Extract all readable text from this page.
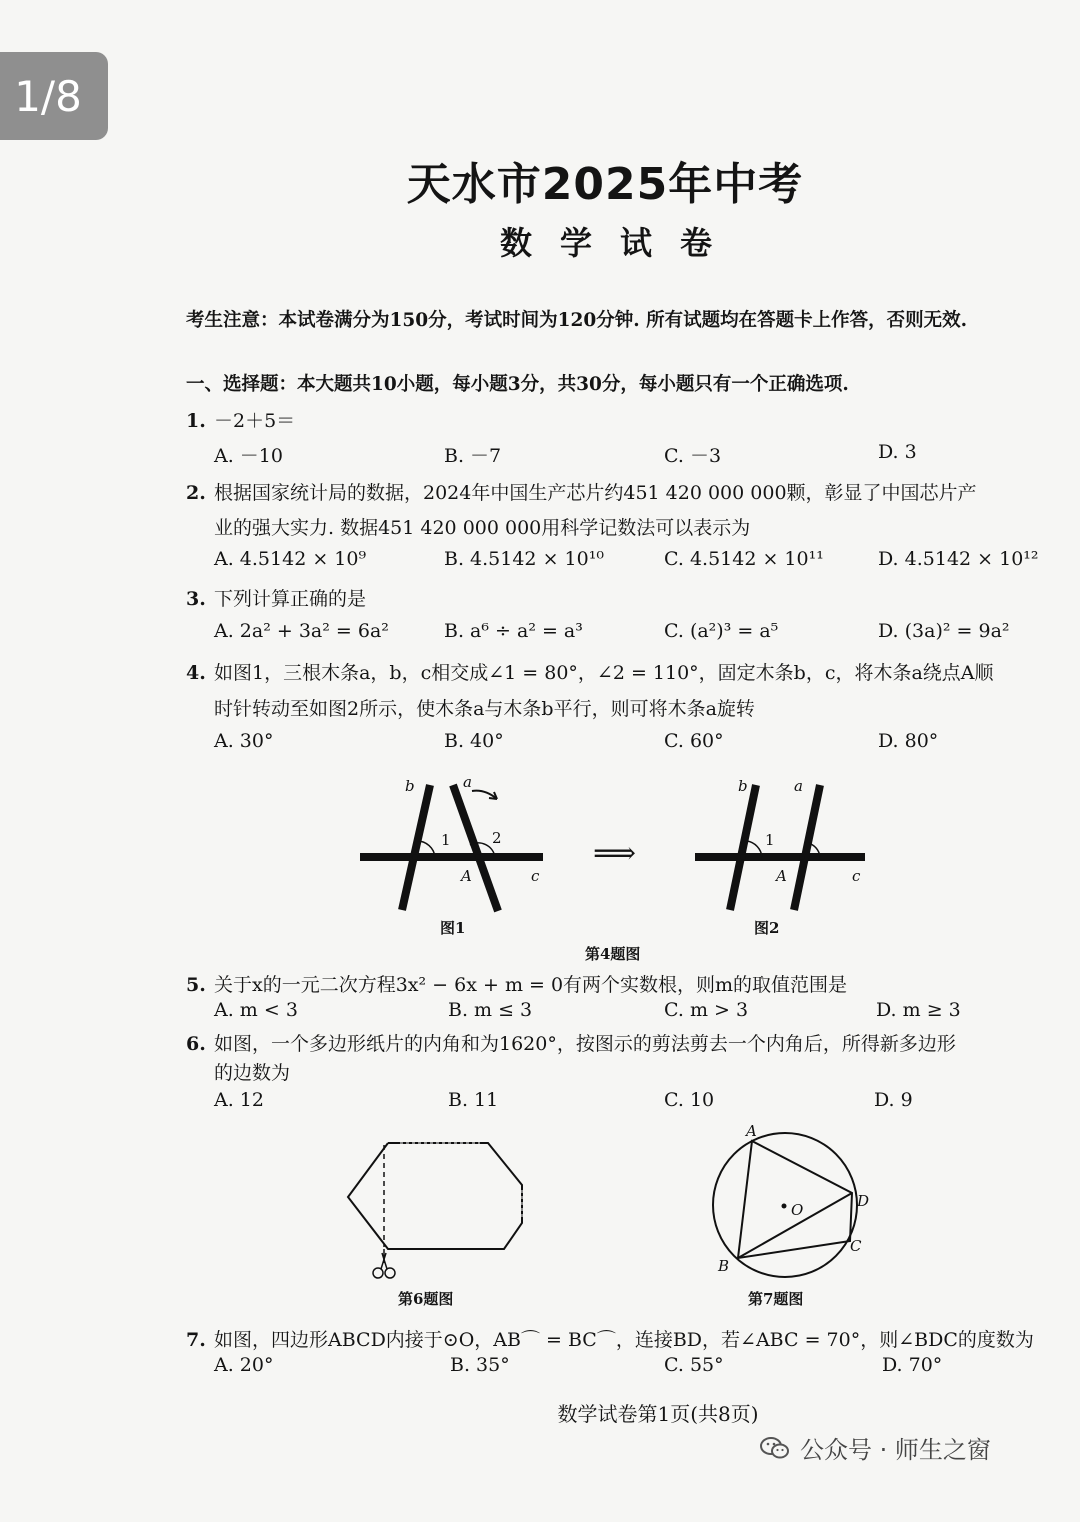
1/8
天水市2025年中考
数学试卷
考生注意：本试卷满分为150分，考试时间为120分钟. 所有试题均在答题卡上作答，否则无效.
一、选择题：本大题共10小题，每小题3分，共30分，每小题只有一个正确选项.
1. －2＋5＝
A. －10	B. －7	C. －3	D. 3
2. 根据国家统计局的数据，2024年中国生产芯片约451 420 000 000颗，彰显了中国芯片产
业的强大实力. 数据451 420 000 000用科学记数法可以表示为
A. 4.5142 × 10⁹	B. 4.5142 × 10¹⁰	C. 4.5142 × 10¹¹	D. 4.5142 × 10¹²
3. 下列计算正确的是
A. 2a² + 3a² = 6a²	B. a⁶ ÷ a² = a³	C. (a²)³ = a⁵	D. (3a)² = 9a²
4. 如图1，三根木条a，b，c相交成∠1 = 80°，∠2 = 110°，固定木条b，c，将木条a绕点A顺
时针转动至如图2所示，使木条a与木条b平行，则可将木条a旋转
A. 30°	B. 40°	C. 60°	D. 80°
b	a
1	2
A	c
图1
⟹
b	a
1
A	c
图2
第4题图
5. 关于x的一元二次方程3x² − 6x + m = 0有两个实数根，则m的取值范围是
A. m < 3	B. m ≤ 3	C. m > 3	D. m ≥ 3
6. 如图，一个多边形纸片的内角和为1620°，按图示的剪法剪去一个内角后，所得新多边形
的边数为
A. 12	B. 11	C. 10	D. 9
第6题图
A
B
C
D
O
第7题图
7. 如图，四边形ABCD内接于⊙O，AB⌒ = BC⌒，连接BD，若∠ABC = 70°，则∠BDC的度数为
A. 20°	B. 35°	C. 55°	D. 70°
数学试卷第1页(共8页)
公众号 · 师生之窗
